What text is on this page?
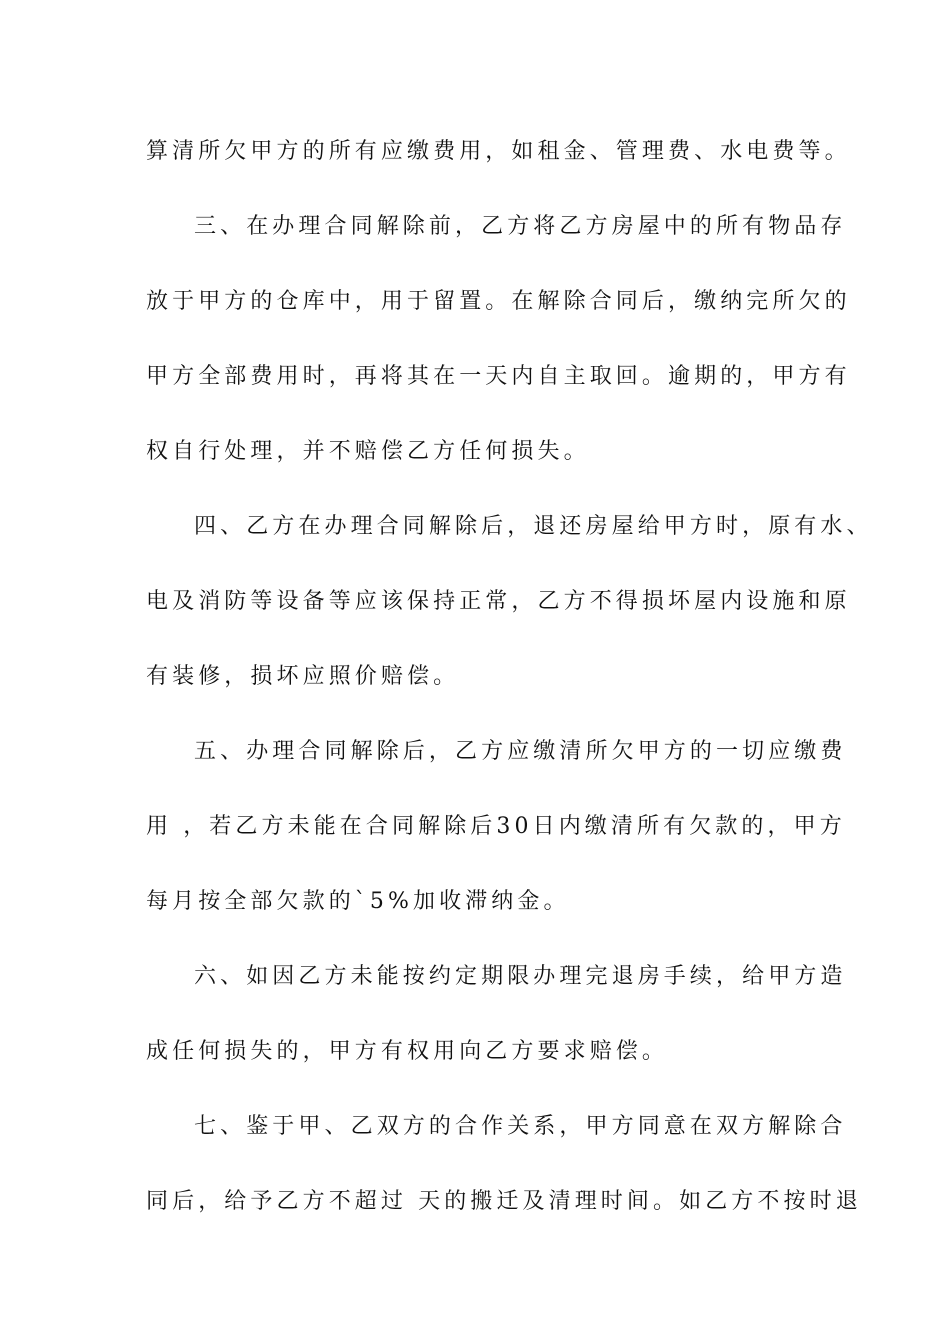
算清所欠甲方的所有应缴费用，如租金、管理费、水电费等。
三、在办理合同解除前，乙方将乙方房屋中的所有物品存
放于甲方的仓库中，用于留置。在解除合同后，缴纳完所欠的
甲方全部费用时，再将其在一天内自主取回。逾期的，甲方有
权自行处理，并不赔偿乙方任何损失。
四、乙方在办理合同解除后，退还房屋给甲方时，原有水、
电及消防等设备等应该保持正常，乙方不得损坏屋内设施和原
有装修，损坏应照价赔偿。
五、办理合同解除后，乙方应缴清所欠甲方的一切应缴费
用 ，若乙方未能在合同解除后30日内缴清所有欠款的，甲方
每月按全部欠款的`5%加收滞纳金。
六、如因乙方未能按约定期限办理完退房手续，给甲方造
成任何损失的，甲方有权用向乙方要求赔偿。
七、鉴于甲、乙双方的合作关系，甲方同意在双方解除合
同后，给予乙方不超过 天的搬迁及清理时间。如乙方不按时退
